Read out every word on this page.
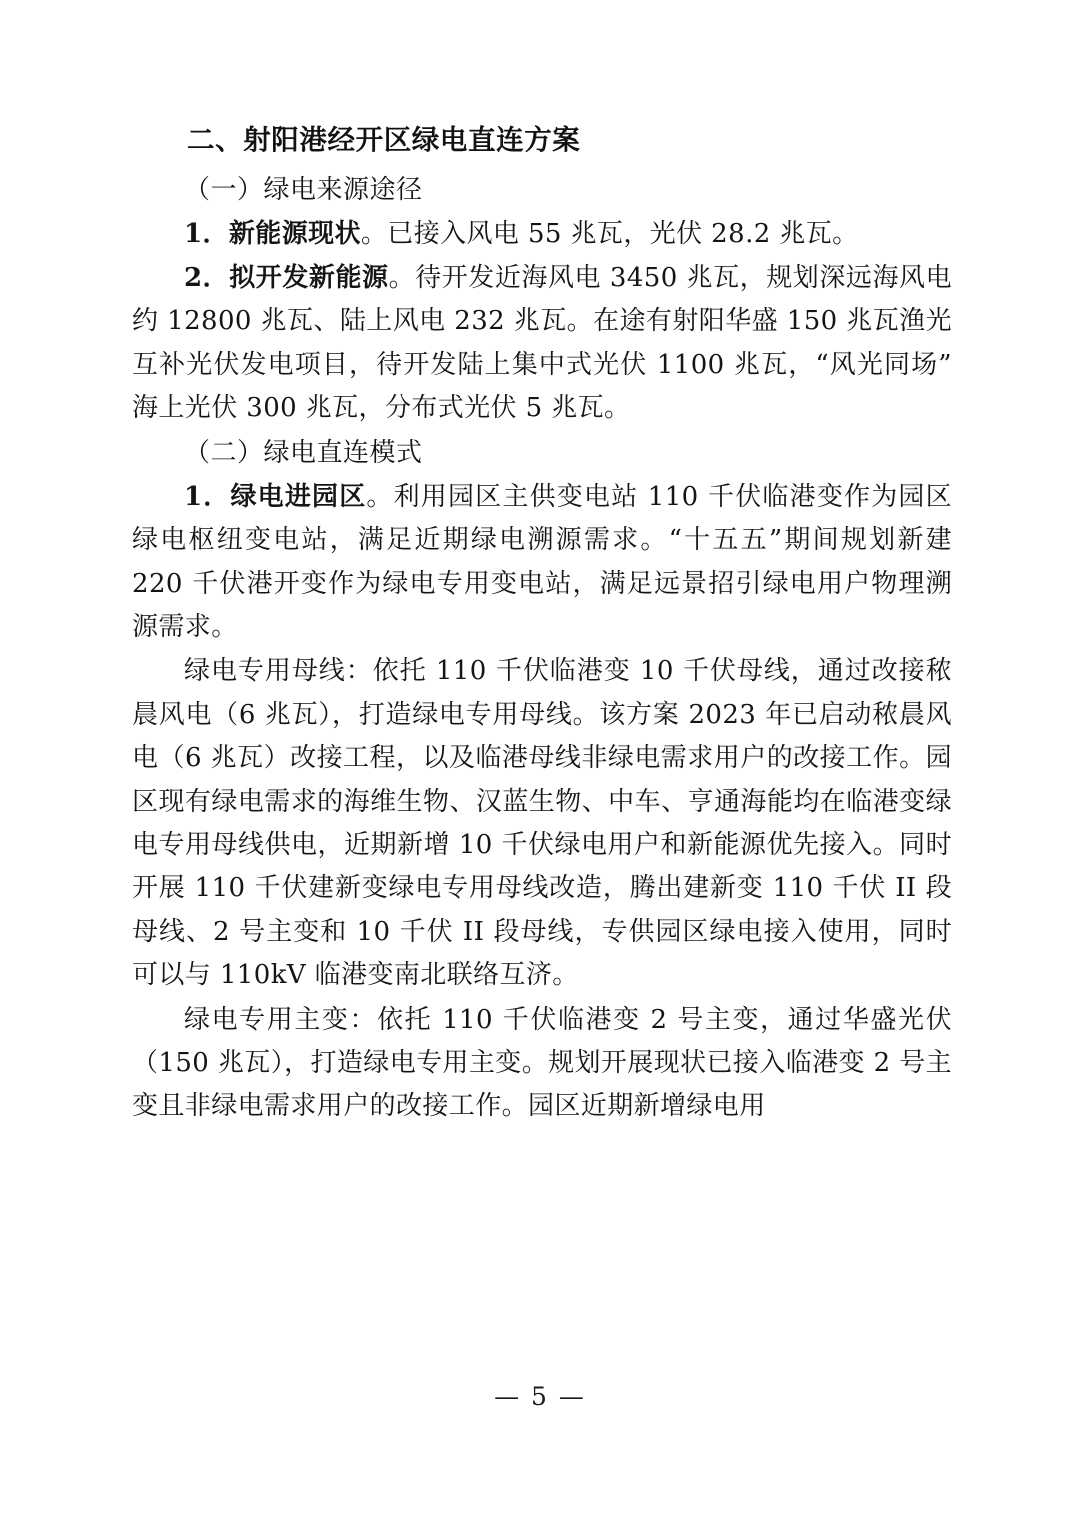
二、射阳港经开区绿电直连方案

（一）绿电来源途径

1．新能源现状。已接入风电 55 兆瓦，光伏 28.2 兆瓦。

2．拟开发新能源。待开发近海风电 3450 兆瓦，规划深远海风电约 12800 兆瓦、陆上风电 232 兆瓦。在途有射阳华盛 150 兆瓦渔光互补光伏发电项目，待开发陆上集中式光伏 1100 兆瓦，“风光同场”海上光伏 300 兆瓦，分布式光伏 5 兆瓦。

（二）绿电直连模式

1．绿电进园区。利用园区主供变电站 110 千伏临港变作为园区绿电枢纽变电站，满足近期绿电溯源需求。“十五五”期间规划新建 220 千伏港开变作为绿电专用变电站，满足远景招引绿电用户物理溯源需求。

绿电专用母线：依托 110 千伏临港变 10 千伏母线，通过改接秾晨风电（6 兆瓦），打造绿电专用母线。该方案 2023 年已启动秾晨风电（6 兆瓦）改接工程，以及临港母线非绿电需求用户的改接工作。园区现有绿电需求的海维生物、汉蓝生物、中车、亨通海能均在临港变绿电专用母线供电，近期新增 10 千伏绿电用户和新能源优先接入。同时开展 110 千伏建新变绿电专用母线改造，腾出建新变 110 千伏 II 段母线、2 号主变和 10 千伏 II 段母线，专供园区绿电接入使用，同时可以与 110kV 临港变南北联络互济。

绿电专用主变：依托 110 千伏临港变 2 号主变，通过华盛光伏（150 兆瓦），打造绿电专用主变。规划开展现状已接入临港变 2 号主变且非绿电需求用户的改接工作。园区近期新增绿电用

— 5 —
